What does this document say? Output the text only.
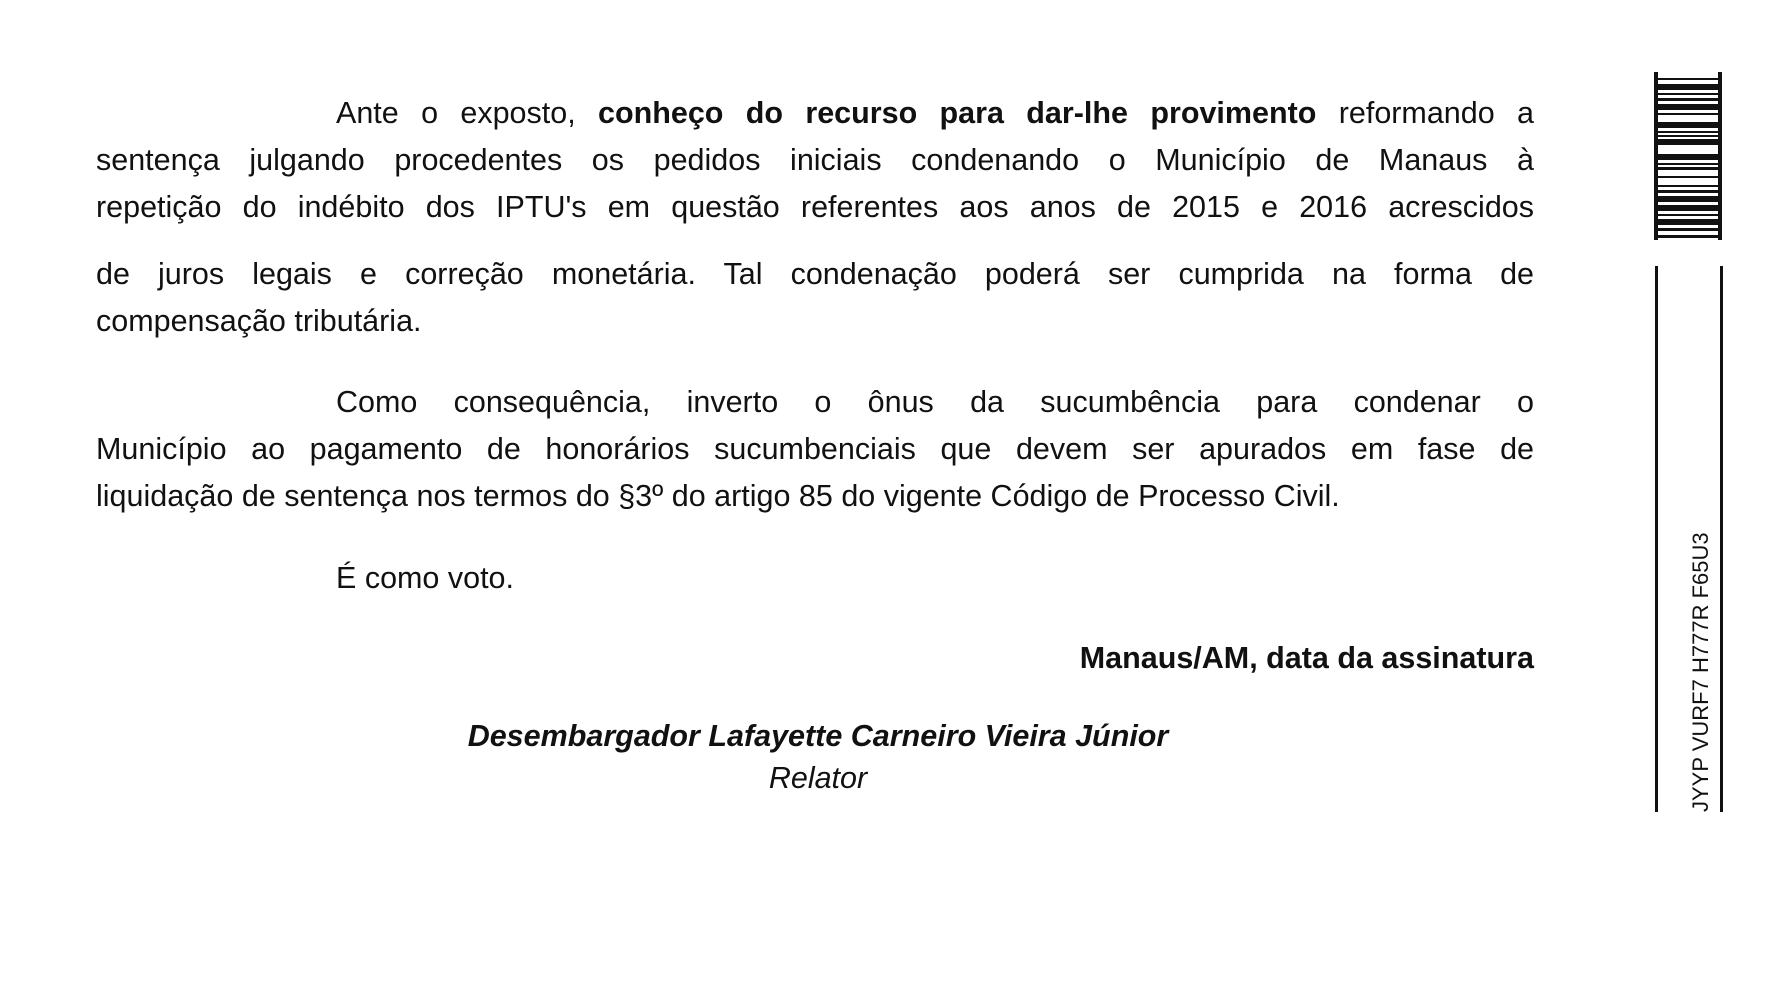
Ante o exposto, conheço do recurso para dar-lhe provimento reformando a
sentença julgando procedentes os pedidos iniciais condenando o Município de Manaus à
repetição do indébito dos IPTU's em questão referentes aos anos de 2015 e 2016 acrescidos
de juros legais e correção monetária. Tal condenação poderá ser cumprida na forma de
compensação tributária.
Como consequência, inverto o ônus da sucumbência para condenar o
Município ao pagamento de honorários sucumbenciais que devem ser apurados em fase de
liquidação de sentença nos termos do §3º do artigo 85 do vigente Código de Processo Civil.
É como voto.
Manaus/AM, data da assinatura
Desembargador Lafayette Carneiro Vieira Júnior
Relator	JYYP VURF7 H777R F65U3
